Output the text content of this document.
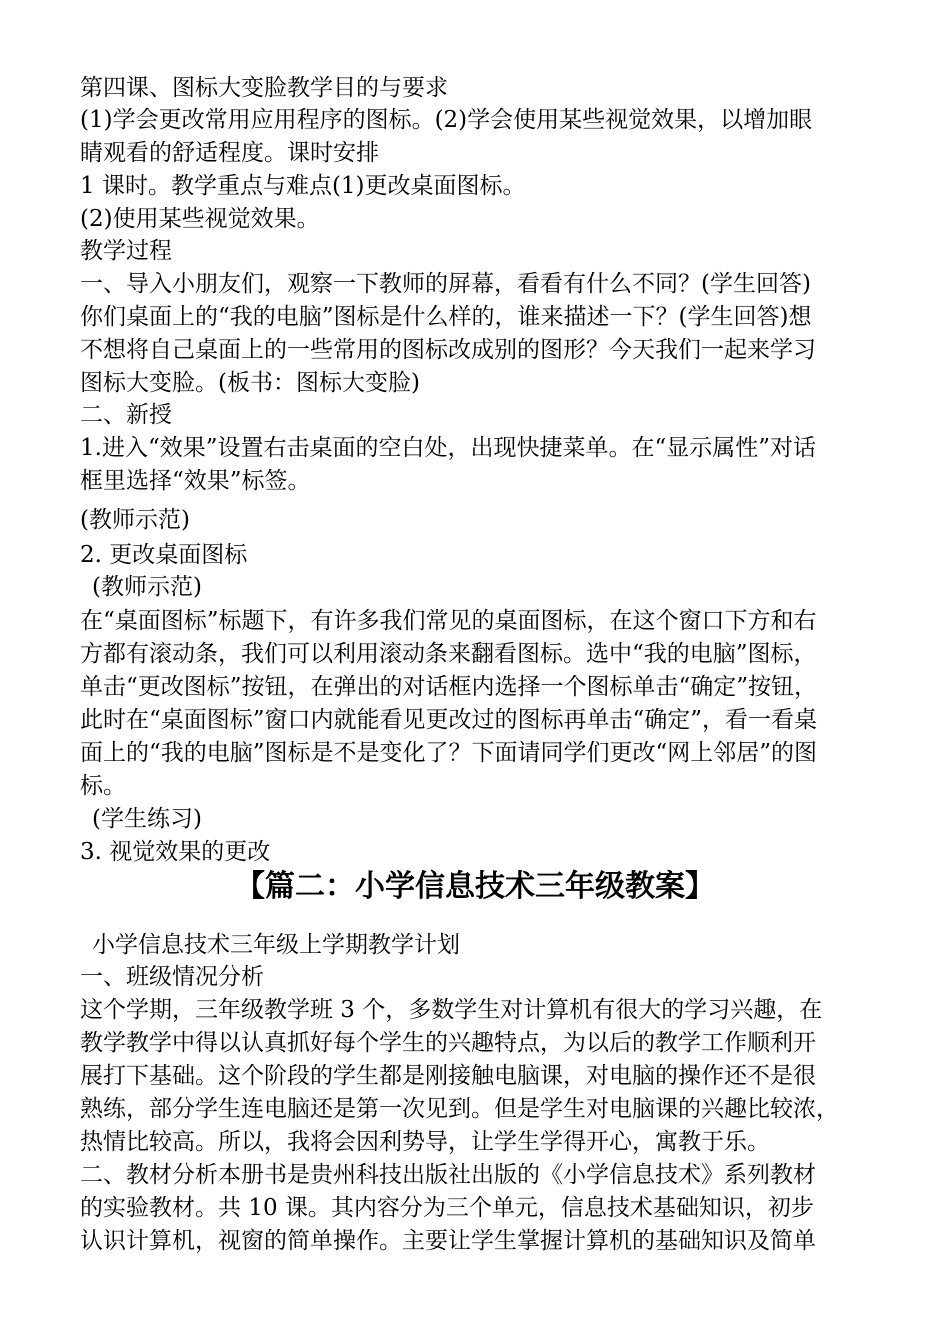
第四课、图标大变脸教学目的与要求
(1)学会更改常用应用程序的图标。(2)学会使用某些视觉效果，以增加眼
睛观看的舒适程度。课时安排
1 课时。教学重点与难点(1)更改桌面图标。
(2)使用某些视觉效果。
教学过程
一、导入小朋友们，观察一下教师的屏幕，看看有什么不同？(学生回答)
你们桌面上的“我的电脑”图标是什么样的，谁来描述一下？(学生回答)想
不想将自己桌面上的一些常用的图标改成别的图形？今天我们一起来学习
图标大变脸。(板书：图标大变脸)
二、新授
1.进入“效果”设置右击桌面的空白处，出现快捷菜单。在“显示属性”对话
框里选择“效果”标签。
(教师示范)
2. 更改桌面图标
(教师示范)
在“桌面图标”标题下，有许多我们常见的桌面图标，在这个窗口下方和右
方都有滚动条，我们可以利用滚动条来翻看图标。选中“我的电脑”图标，
单击“更改图标”按钮，在弹出的对话框内选择一个图标单击“确定”按钮，
此时在“桌面图标”窗口内就能看见更改过的图标再单击“确定”，看一看桌
面上的“我的电脑”图标是不是变化了？下面请同学们更改“网上邻居”的图
标。
(学生练习)
3. 视觉效果的更改
【篇二：小学信息技术三年级教案】
小学信息技术三年级上学期教学计划
一、班级情况分析
这个学期，三年级教学班 3 个，多数学生对计算机有很大的学习兴趣，在
教学教学中得以认真抓好每个学生的兴趣特点，为以后的教学工作顺利开
展打下基础。这个阶段的学生都是刚接触电脑课，对电脑的操作还不是很
熟练，部分学生连电脑还是第一次见到。但是学生对电脑课的兴趣比较浓，
热情比较高。所以，我将会因利势导，让学生学得开心，寓教于乐。
二、教材分析本册书是贵州科技出版社出版的《小学信息技术》系列教材
的实验教材。共 10 课。其内容分为三个单元，信息技术基础知识，初步
认识计算机，视窗的简单操作。主要让学生掌握计算机的基础知识及简单
